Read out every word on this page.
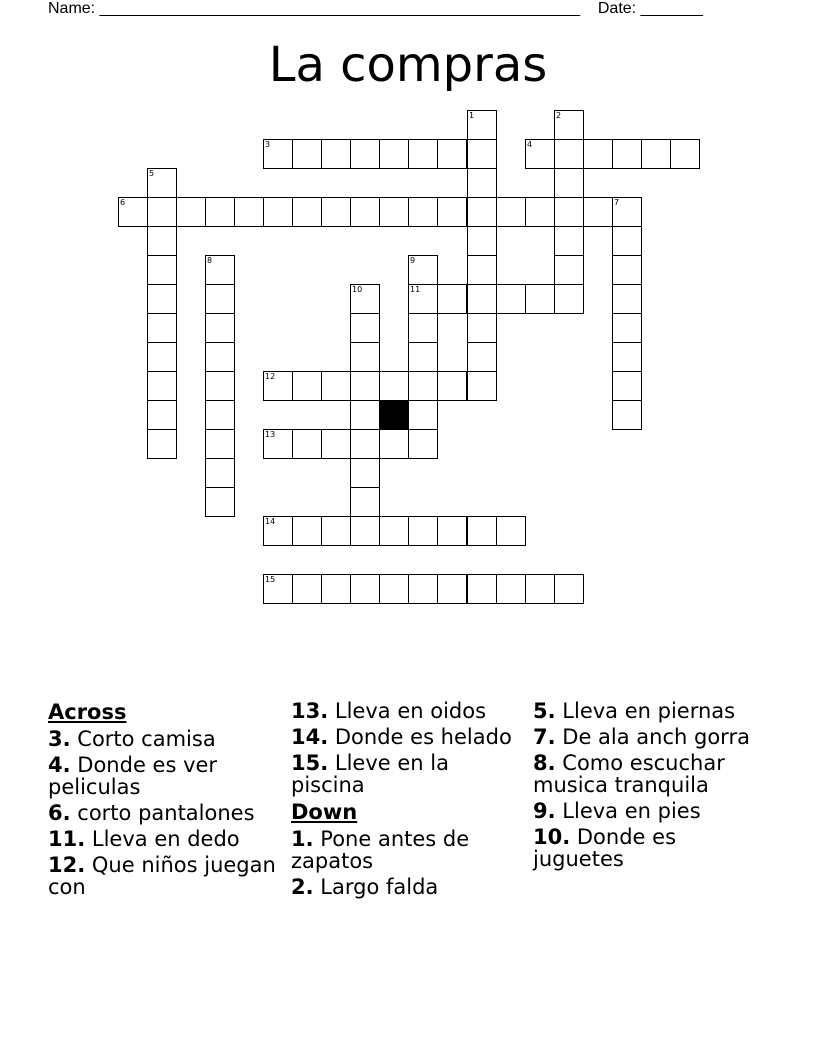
Name: ______________________________________________________ Date: _______
La compras
1	2
3	4
5
6	7
8	9
11
10
12
13
14
15
Across
3. Corto camisa
4. Donde es ver peliculas
6. corto pantalones
11. Lleva en dedo
12. Que niños juegan con
13. Lleva en oidos
14. Donde es helado
15. Lleve en la piscina
Down
1. Pone antes de zapatos
2. Largo falda
5. Lleva en piernas
7. De ala anch gorra
8. Como escuchar musica tranquila
9. Lleva en pies
10. Donde es juguetes
